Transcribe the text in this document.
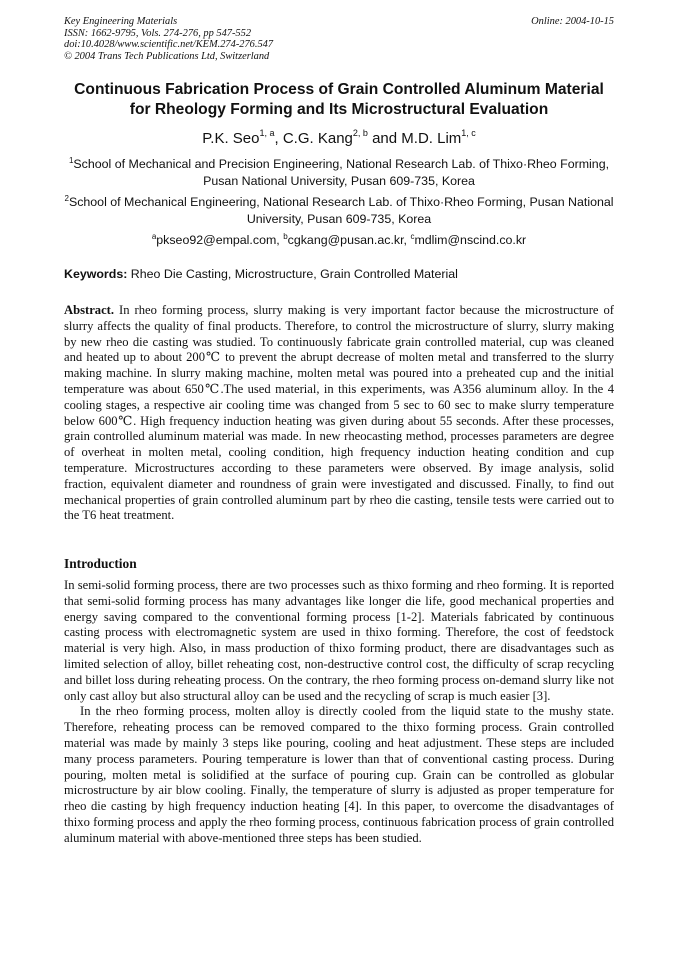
Key Engineering Materials
ISSN: 1662-9795, Vols. 274-276, pp 547-552
doi:10.4028/www.scientific.net/KEM.274-276.547
© 2004 Trans Tech Publications Ltd, Switzerland
Online: 2004-10-15
Continuous Fabrication Process of Grain Controlled Aluminum Material
for Rheology Forming and Its Microstructural Evaluation
P.K. Seo$^{1, a}$, C.G. Kang$^{2, b}$ and M.D. Lim$^{1, c}$
$^1$School of Mechanical and Precision Engineering, National Research Lab. of Thixo·Rheo Forming,
Pusan National University, Pusan 609-735, Korea
$^2$School of Mechanical Engineering, National Research Lab. of Thixo·Rheo Forming, Pusan National
University, Pusan 609-735, Korea
$^a$pkseo92@empal.com, $^b$cgkang@pusan.ac.kr, $^c$mdlim@nscind.co.kr
Keywords: Rheo Die Casting, Microstructure, Grain Controlled Material
Abstract. In rheo forming process, slurry making is very important factor because the microstructure of slurry affects the quality of final products. Therefore, to control the microstructure of slurry, slurry making by new rheo die casting was studied. To continuously fabricate grain controlled material, cup was cleaned and heated up to about 200℃ to prevent the abrupt decrease of molten metal and transferred to the slurry making machine. In slurry making machine, molten metal was poured into a preheated cup and the initial temperature was about 650℃.The used material, in this experiments, was A356 aluminum alloy. In the 4 cooling stages, a respective air cooling time was changed from 5 sec to 60 sec to make slurry temperature below 600℃. High frequency induction heating was given during about 55 seconds. After these processes, grain controlled aluminum material was made. In new rheocasting method, processes parameters are degree of overheat in molten metal, cooling condition, high frequency induction heating condition and cup temperature. Microstructures according to these parameters were observed. By image analysis, solid fraction, equivalent diameter and roundness of grain were investigated and discussed. Finally, to find out mechanical properties of grain controlled aluminum part by rheo die casting, tensile tests were carried out to the T6 heat treatment.
Introduction

In semi-solid forming process, there are two processes such as thixo forming and rheo forming. It is reported that semi-solid forming process has many advantages like longer die life, good mechanical properties and energy saving compared to the conventional forming process [1-2]. Materials fabricated by continuous casting process with electromagnetic system are used in thixo forming. Therefore, the cost of feedstock material is very high. Also, in mass production of thixo forming product, there are disadvantages such as limited selection of alloy, billet reheating cost, non-destructive control cost, the difficulty of scrap recycling and billet loss during reheating process. On the contrary, the rheo forming process on-demand slurry like not only cast alloy but also structural alloy can be used and the recycling of scrap is much easier [3].

In the rheo forming process, molten alloy is directly cooled from the liquid state to the mushy state. Therefore, reheating process can be removed compared to the thixo forming process. Grain controlled material was made by mainly 3 steps like pouring, cooling and heat adjustment. These steps are included many process parameters. Pouring temperature is lower than that of conventional casting process. During pouring, molten metal is solidified at the surface of pouring cup. Grain can be controlled as globular microstructure by air blow cooling. Finally, the temperature of slurry is adjusted as proper temperature for rheo die casting by high frequency induction heating [4]. In this paper, to overcome the disadvantages of thixo forming process and apply the rheo forming process, continuous fabrication process of grain controlled aluminum material with above-mentioned three steps has been studied.
